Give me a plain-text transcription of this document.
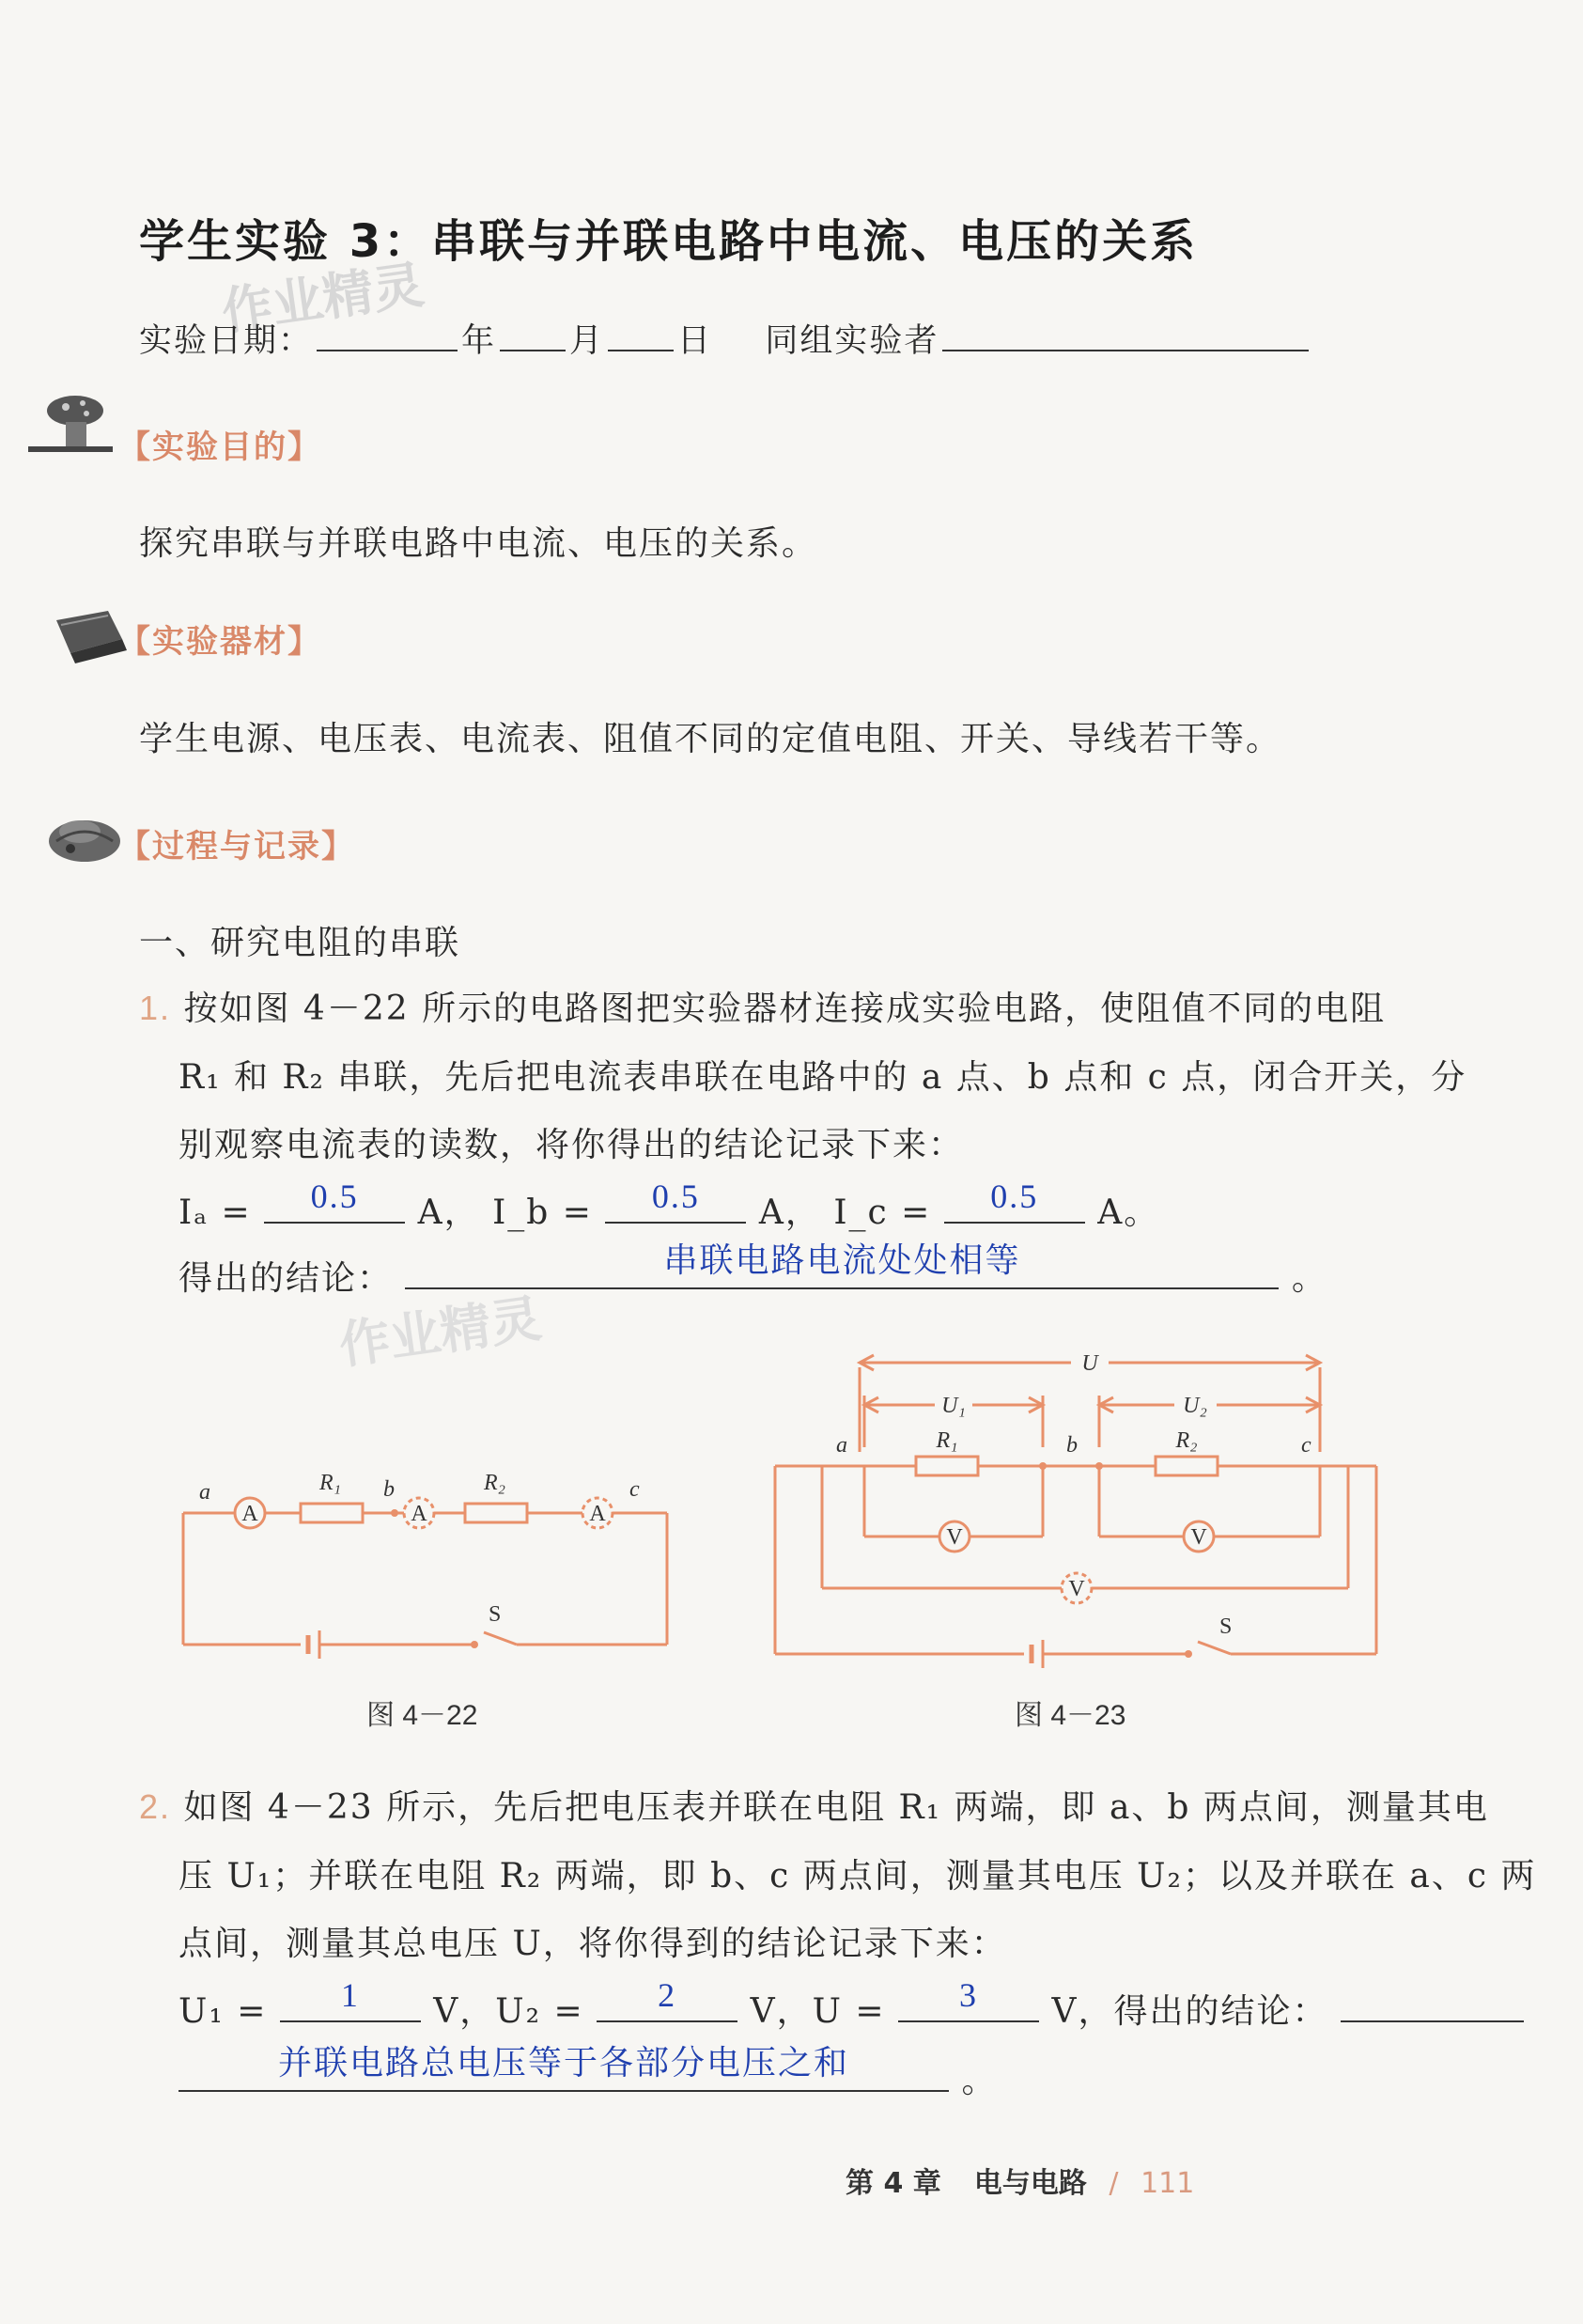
学生实验 3：串联与并联电路中电流、电压的关系
作业精灵
实验日期：	年 月 日 同组实验者
【实验目的】
探究串联与并联电路中电流、电压的关系。
【实验器材】
学生电源、电压表、电流表、阻值不同的定值电阻、开关、导线若干等。
【过程与记录】
一、研究电阻的串联
1. 按如图 4－22 所示的电路图把实验器材连接成实验电路，使阻值不同的电阻
R₁ 和 R₂ 串联，先后把电流表串联在电路中的 a 点、b 点和 c 点，闭合开关，分
别观察电流表的读数，将你得出的结论记录下来：
Iₐ =	0.5	A， I_b =	0.5	A， I_c =	0.5	A。
得出的结论：	串联电路电流处处相等	。
作业精灵
A	A	A
a	b	c
R₁	R₂
S
图 4－22
U
U₁	U₂
a	b	c
R₁	R₂
V	V
V
S
图 4－23
2. 如图 4－23 所示，先后把电压表并联在电阻 R₁ 两端，即 a、b 两点间，测量其电
压 U₁；并联在电阻 R₂ 两端，即 b、c 两点间，测量其电压 U₂；以及并联在 a、c 两
点间，测量其总电压 U，将你得到的结论记录下来：
U₁ =	1	V，U₂ =	2	V，U =	3	V，得出的结论：
并联电路总电压等于各部分电压之和	。
第 4 章 电与电路 / 111
